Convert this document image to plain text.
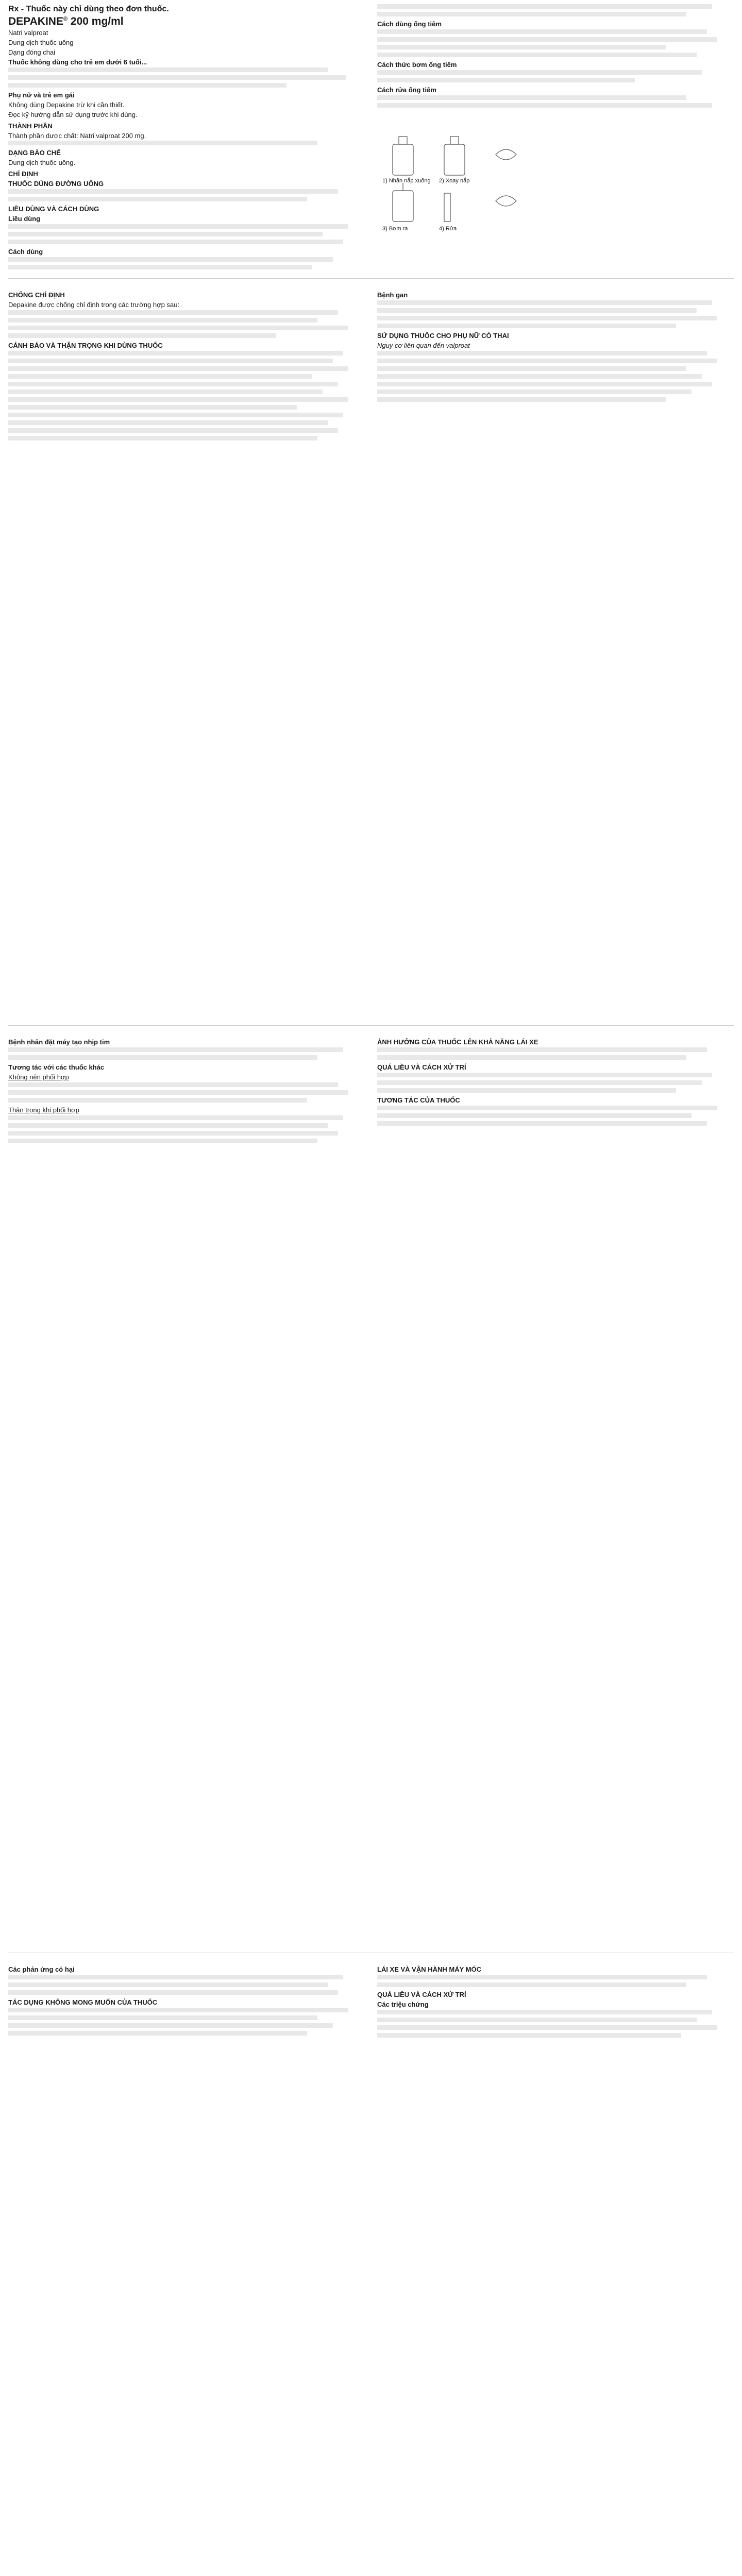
Rx - Thuốc này chỉ dùng theo đơn thuốc.
DEPAKINE® 200 mg/ml
Natri valproat
Dung dịch thuốc uống
Dạng đóng chai
Thuốc không dùng cho trẻ em dưới 6 tuổi...
Phụ nữ và trẻ em gái
Không dùng Depakine trừ khi cần thiết.
Đọc kỹ hướng dẫn sử dụng trước khi dùng.
THÀNH PHẦN
Thành phần dược chất: Natri valproat 200 mg.
DẠNG BÀO CHẾ
Dung dịch thuốc uống.
CHỈ ĐỊNH
THUỐC DÙNG ĐƯỜNG UỐNG
LIỀU DÙNG VÀ CÁCH DÙNG
Liều dùng
Cách dùng
Cách dùng ống tiêm
Cách thức bơm ống tiêm
Cách rửa ống tiêm
1) Nhấn nắp xuống 2) Xoay nắp
3) Bơm ra	4) Rửa
CHỐNG CHỈ ĐỊNH
Depakine được chống chỉ định trong các trường hợp sau:
CẢNH BÁO VÀ THẬN TRỌNG KHI DÙNG THUỐC
Bệnh gan
SỬ DỤNG THUỐC CHO PHỤ NỮ CÓ THAI
Nguy cơ liên quan đến valproat
Bệnh nhân đặt máy tạo nhịp tim
Tương tác với các thuốc khác
Không nên phối hợp
Thận trọng khi phối hợp
ẢNH HƯỞNG CỦA THUỐC LÊN KHẢ NĂNG LÁI XE
QUÁ LIỀU VÀ CÁCH XỬ TRÍ
TƯƠNG TÁC CỦA THUỐC
Các phản ứng có hại
TÁC DỤNG KHÔNG MONG MUỐN CỦA THUỐC
LÁI XE VÀ VẬN HÀNH MÁY MÓC
QUÁ LIỀU VÀ CÁCH XỬ TRÍ
Các triệu chứng
